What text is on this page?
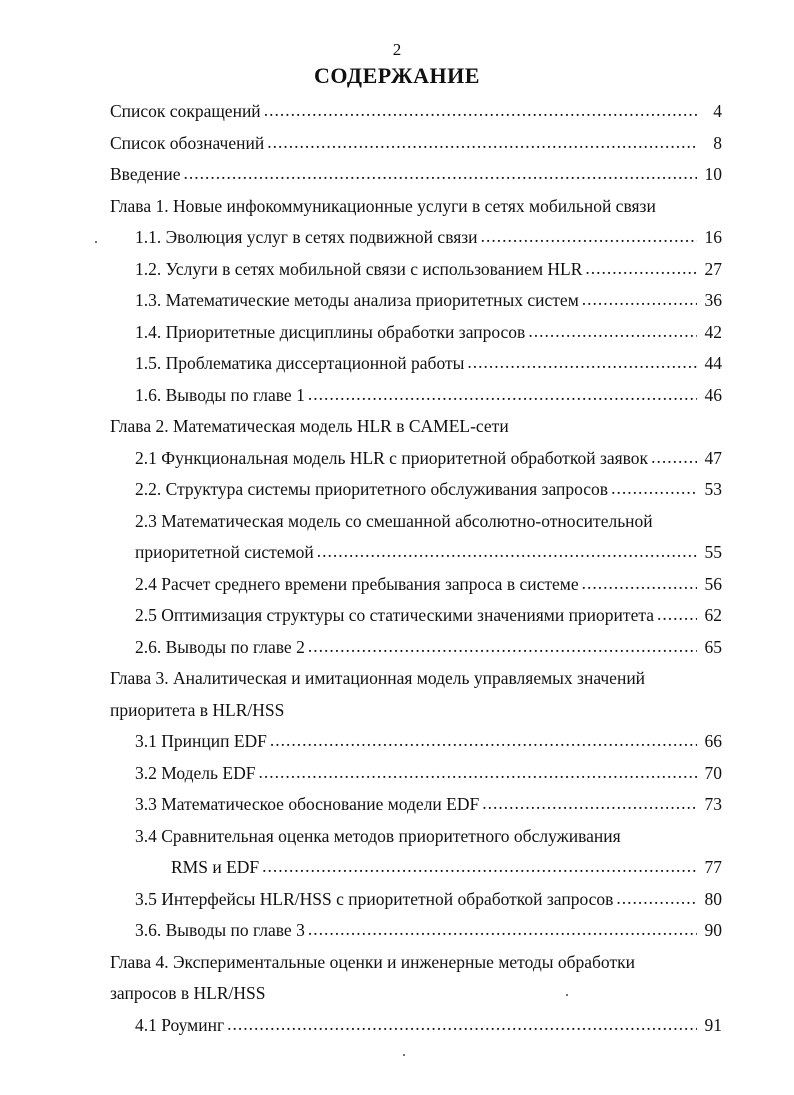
2
СОДЕРЖАНИЕ
Список сокращений .....	4
Список обозначений .....	8
Введение .....	10
Глава 1. Новые инфокоммуникационные услуги в сетях мобильной связи
1.1. Эволюция услуг в сетях подвижной связи .....	16
1.2. Услуги в сетях мобильной связи с использованием HLR .....	27
1.3. Математические методы анализа приоритетных систем .....	36
1.4. Приоритетные дисциплины обработки запросов .....	42
1.5. Проблематика диссертационной работы .....	44
1.6. Выводы по главе 1 .....	46
Глава 2. Математическая модель HLR в CAMEL-сети
2.1 Функциональная модель HLR с приоритетной обработкой заявок .....	47
2.2. Структура системы приоритетного обслуживания запросов .....	53
2.3 Математическая модель со смешанной абсолютно-относительной
приоритетной системой .....	55
2.4 Расчет среднего времени пребывания запроса в системе .....	56
2.5 Оптимизация структуры со статическими значениями приоритета .....	62
2.6. Выводы по главе 2 .....	65
Глава 3. Аналитическая и имитационная модель управляемых значений
приоритета в HLR/HSS
3.1 Принцип EDF .....	66
3.2 Модель EDF .....	70
3.3 Математическое обоснование модели EDF .....	73
3.4 Сравнительная оценка методов приоритетного обслуживания
RMS и EDF .....	77
3.5 Интерфейсы HLR/HSS с приоритетной обработкой запросов .....	80
3.6. Выводы по главе 3 .....	90
Глава 4. Экспериментальные оценки и инженерные методы обработки
запросов в HLR/HSS
4.1 Роуминг .....	91
